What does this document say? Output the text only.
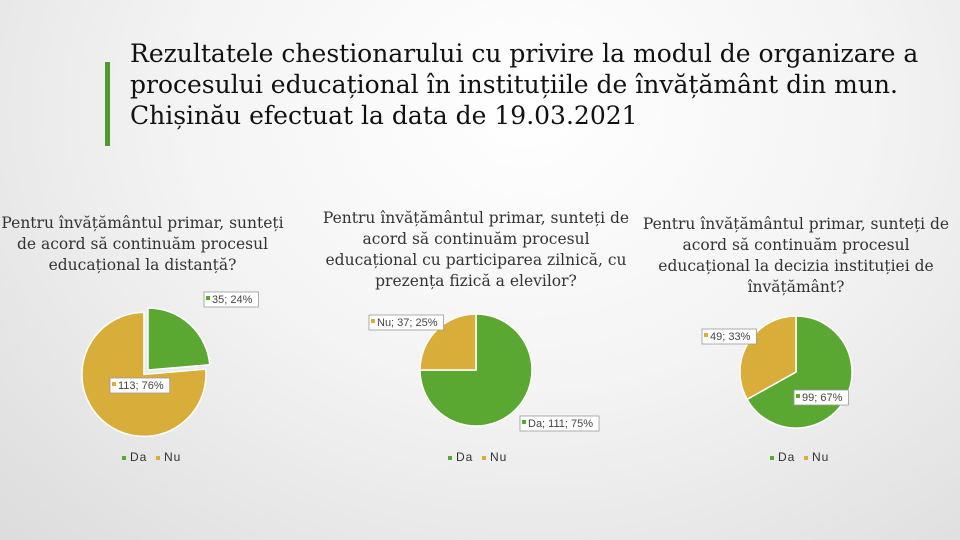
Rezultatele chestionarului cu privire la modul de organizare a procesului educațional în instituțiile de învățământ din mun. Chișinău efectuat la data de 19.03.2021
Pentru învățământul primar, sunteți de acord să continuăm procesul educațional la distanță?
Pentru învățământul primar, sunteți de acord să continuăm procesul educațional cu participarea zilnică, cu prezența fizică a elevilor?
Pentru învățământul primar, sunteți de acord să continuăm procesul educațional la decizia instituției de învățământ?
35; 24%
113; 76%
Da Nu
Da; 111; 75%
Nu; 37; 25%
Da Nu
99; 67%
49; 33%
Da Nu
